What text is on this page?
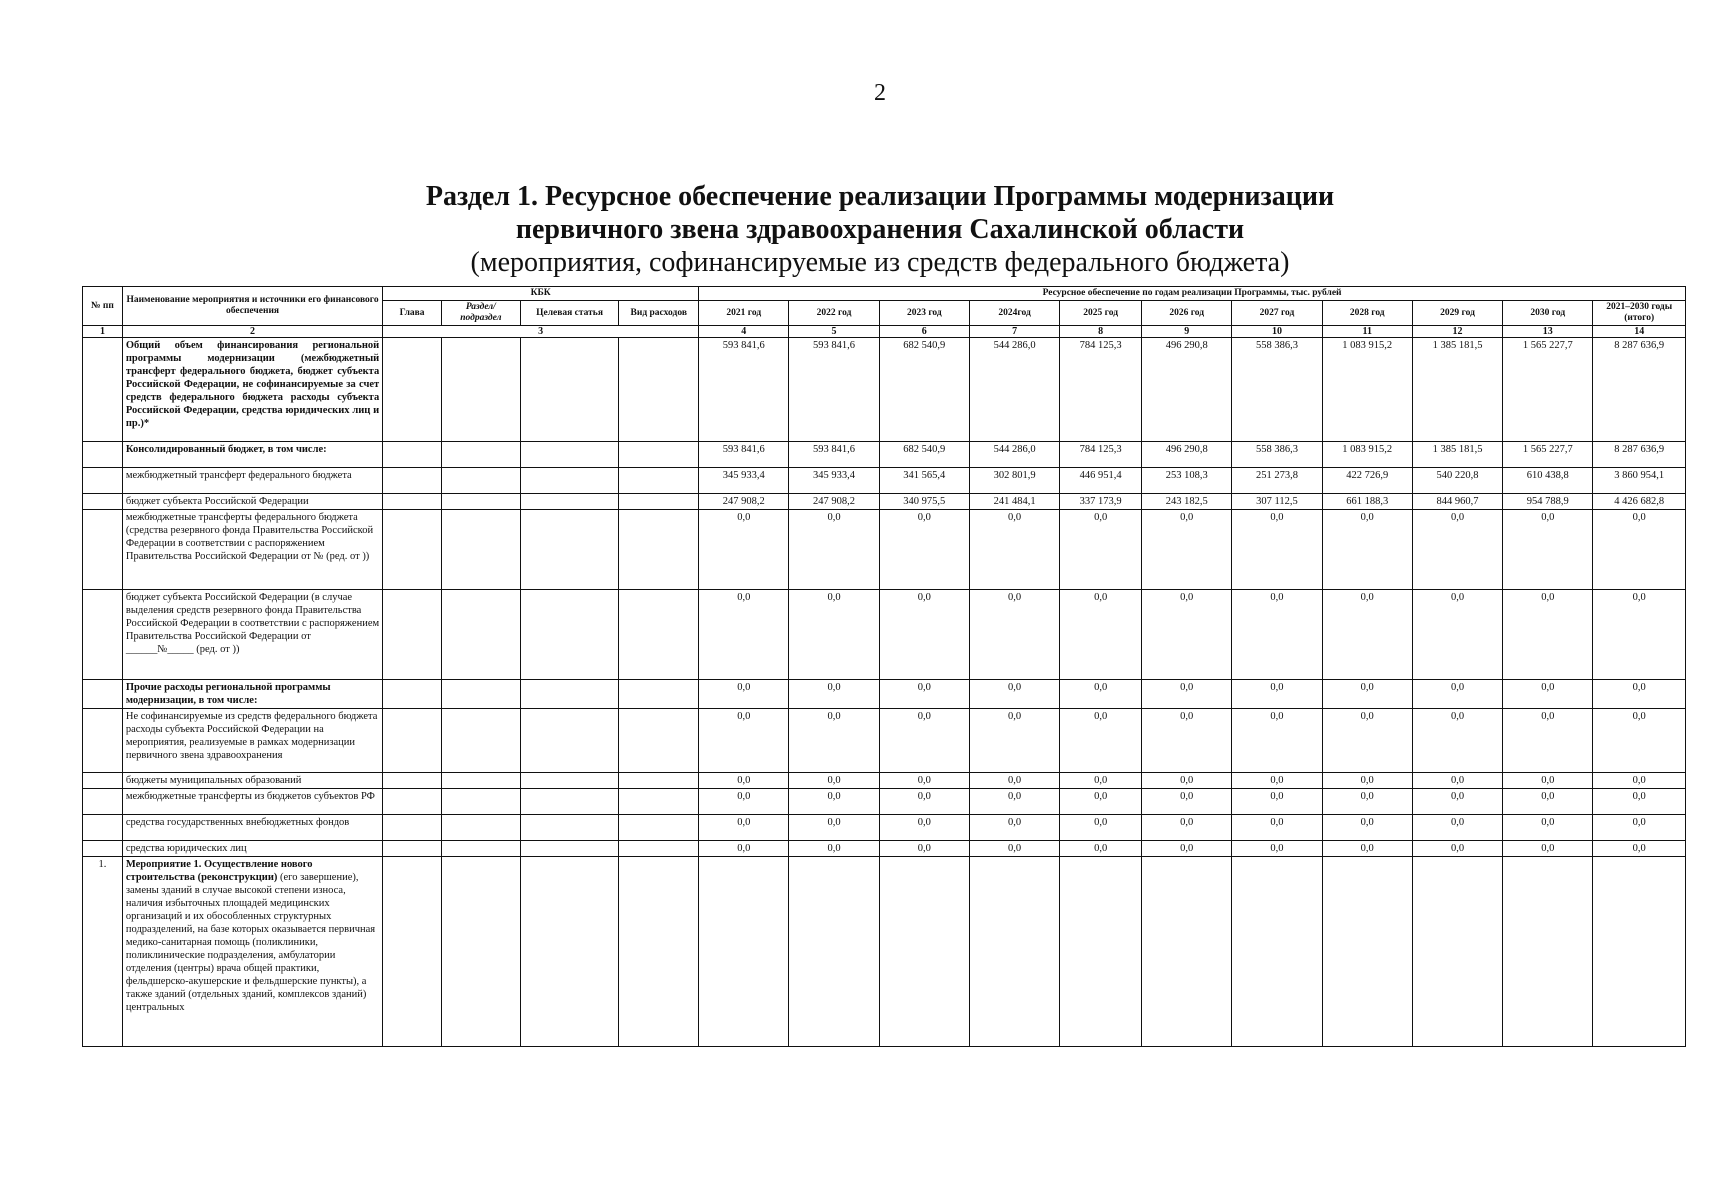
2
Раздел 1. Ресурсное обеспечение реализации Программы модернизации
первичного звена здравоохранения Сахалинской области
(мероприятия, софинансируемые из средств федерального бюджета)
№ пп	Наименование мероприятия и источники его финансового обеспечения	КБК				Ресурсное обеспечение по годам реализации Программы, тыс. рублей										
		Глава	Раздел/ подраздел	Целевая статья	Вид расходов	2021 год	2022 год	2023 год	2024год	2025 год	2026 год	2027 год	2028 год	2029 год	2030 год	2021–2030 годы (итого)
1	2	3				4	5	6	7	8	9	10	11	12	13	14
	Общий объем финансирования региональной программы модернизации (межбюджетный трансферт федерального бюджета, бюджет субъекта Российской Федерации, не софинансируемые за счет средств федерального бюджета расходы субъекта Российской Федерации, средства юридических лиц и пр.)*					593 841,6	593 841,6	682 540,9	544 286,0	784 125,3	496 290,8	558 386,3	1 083 915,2	1 385 181,5	1 565 227,7	8 287 636,9
	Консолидированный бюджет, в том числе:					593 841,6	593 841,6	682 540,9	544 286,0	784 125,3	496 290,8	558 386,3	1 083 915,2	1 385 181,5	1 565 227,7	8 287 636,9
	межбюджетный трансферт федерального бюджета					345 933,4	345 933,4	341 565,4	302 801,9	446 951,4	253 108,3	251 273,8	422 726,9	540 220,8	610 438,8	3 860 954,1
	бюджет субъекта Российской Федерации					247 908,2	247 908,2	340 975,5	241 484,1	337 173,9	243 182,5	307 112,5	661 188,3	844 960,7	954 788,9	4 426 682,8
	межбюджетные трансферты федерального бюджета (средства резервного фонда Правительства Российской Федерации в соответствии с распоряжением Правительства Российской Федерации от № (ред. от ))					0,0	0,0	0,0	0,0	0,0	0,0	0,0	0,0	0,0	0,0	0,0
	бюджет субъекта Российской Федерации (в случае выделения средств резервного фонда Правительства Российской Федерации в соответствии с распоряжением Правительства Российской Федерации от ______№_____ (ред. от ))					0,0	0,0	0,0	0,0	0,0	0,0	0,0	0,0	0,0	0,0	0,0
	Прочие расходы региональной программы модернизации, в том числе:					0,0	0,0	0,0	0,0	0,0	0,0	0,0	0,0	0,0	0,0	0,0
	Не софинансируемые из средств федерального бюджета расходы субъекта Российской Федерации на мероприятия, реализуемые в рамках модернизации первичного звена здравоохранения					0,0	0,0	0,0	0,0	0,0	0,0	0,0	0,0	0,0	0,0	0,0
	бюджеты муниципальных образований					0,0	0,0	0,0	0,0	0,0	0,0	0,0	0,0	0,0	0,0	0,0
	межбюджетные трансферты из бюджетов субъектов РФ					0,0	0,0	0,0	0,0	0,0	0,0	0,0	0,0	0,0	0,0	0,0
	средства государственных внебюджетных фондов					0,0	0,0	0,0	0,0	0,0	0,0	0,0	0,0	0,0	0,0	0,0
	средства юридических лиц					0,0	0,0	0,0	0,0	0,0	0,0	0,0	0,0	0,0	0,0	0,0
1.	Мероприятие 1. Осуществление нового строительства (реконструкции) (его завершение), замены зданий в случае высокой степени износа, наличия избыточных площадей медицинских организаций и их обособленных структурных подразделений, на базе которых оказывается первичная медико-санитарная помощь (поликлиники, поликлинические подразделения, амбулатории отделения (центры) врача общей практики, фельдшерско-акушерские и фельдшерские пункты), а также зданий (отдельных зданий, комплексов зданий) центральных															
